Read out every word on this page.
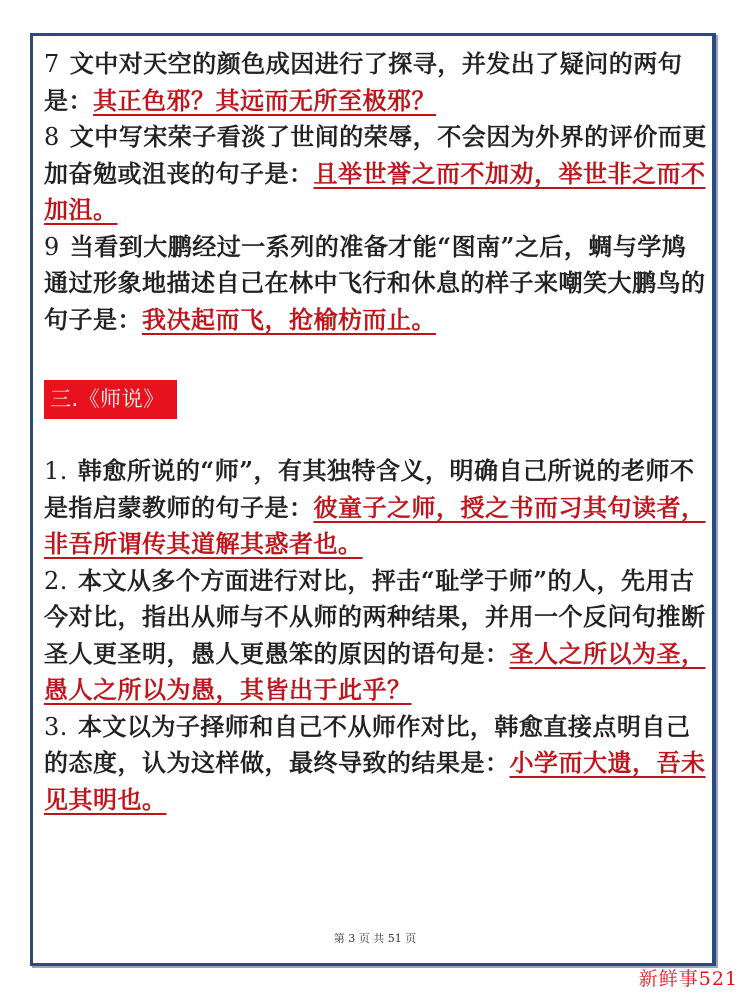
7 文中对天空的颜色成因进行了探寻，并发出了疑问的两句是：其正色邪？其远而无所至极邪？

8 文中写宋荣子看淡了世间的荣辱，不会因为外界的评价而更加奋勉或沮丧的句子是：且举世誉之而不加劝，举世非之而不加沮。

9 当看到大鹏经过一系列的准备才能“图南”之后，蜩与学鸠通过形象地描述自己在林中飞行和休息的样子来嘲笑大鹏鸟的句子是：我决起而飞，抢榆枋而止。

三.《师说》

1. 韩愈所说的“师”，有其独特含义，明确自己所说的老师不是指启蒙教师的句子是：彼童子之师，授之书而习其句读者，非吾所谓传其道解其惑者也。

2. 本文从多个方面进行对比，抨击“耻学于师”的人，先用古今对比，指出从师与不从师的两种结果，并用一个反问句推断圣人更圣明，愚人更愚笨的原因的语句是：圣人之所以为圣，愚人之所以为愚，其皆出于此乎？

3. 本文以为子择师和自己不从师作对比，韩愈直接点明自己的态度，认为这样做，最终导致的结果是：小学而大遗，吾未见其明也。

第 3 页 共 51 页
新鲜事521
